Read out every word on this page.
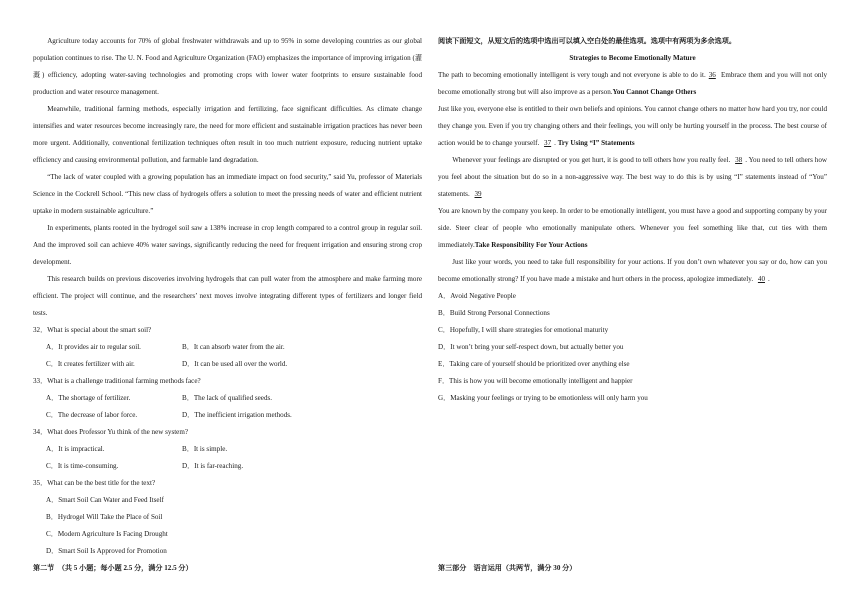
Agriculture today accounts for 70% of global freshwater withdrawals and up to 95% in some developing countries as our global population continues to rise. The U. N. Food and Agriculture Organization (FAO) emphasizes the importance of improving irrigation (灌溉) efficiency, adopting water-saving technologies and promoting crops with lower water footprints to ensure sustainable food production and water resource management.

Meanwhile, traditional farming methods, especially irrigation and fertilizing, face significant difficulties. As climate change intensifies and water resources become increasingly rare, the need for more efficient and sustainable irrigation practices has never been more urgent. Additionally, conventional fertilization techniques often result in too much nutrient exposure, reducing nutrient uptake efficiency and causing environmental pollution, and farmable land degradation.

“The lack of water coupled with a growing population has an immediate impact on food security,” said Yu, professor of Materials Science in the Cockrell School. “This new class of hydrogels offers a solution to meet the pressing needs of water and efficient nutrient uptake in modern sustainable agriculture.”

In experiments, plants rooted in the hydrogel soil saw a 138% increase in crop length compared to a control group in regular soil. And the improved soil can achieve 40% water savings, significantly reducing the need for frequent irrigation and ensuring strong crop development.

This research builds on previous discoveries involving hydrogels that can pull water from the atmosphere and make farming more efficient. The project will continue, and the researchers’ next moves involve integrating different types of fertilizers and longer field tests.

32．What is special about the smart soil?

A．It provides air to regular soil.	B．It can absorb water from the air.
C．It creates fertilizer with air.	D．It can be used all over the world.

33．What is a challenge traditional farming methods face?

A．The shortage of fertilizer.	B．The lack of qualified seeds.
C．The decrease of labor force.	D．The inefficient irrigation methods.

34．What does Professor Yu think of the new system?

A．It is impractical.	B．It is simple.
C．It is time-consuming.	D．It is far-reaching.

35．What can be the best title for the text?

A．Smart Soil Can Water and Feed Itself

B．Hydrogel Will Take the Place of Soil

C．Modern Agriculture Is Facing Drought

D．Smart Soil Is Approved for Promotion

阅读下面短文，从短文后的选项中选出可以填入空白处的最佳选项。选项中有两项为多余选项。

Strategies to Become Emotionally Mature

The path to becoming emotionally intelligent is very tough and not everyone is able to do it. 36 Embrace them and you will not only become emotionally strong but will also improve as a person.You Cannot Change Others

Just like you, everyone else is entitled to their own beliefs and opinions. You cannot change others no matter how hard you try, nor could they change you. Even if you try changing others and their feelings, you will only be hurting yourself in the process. The best course of action would be to change yourself. 37 . Try Using “I” Statements

Whenever your feelings are disrupted or you get hurt, it is good to tell others how you really feel. 38 . You need to tell others how you feel about the situation but do so in a non-aggressive way. The best way to do this is by using “I” statements instead of “You” statements. 39

You are known by the company you keep. In order to be emotionally intelligent, you must have a good and supporting company by your side. Steer clear of people who emotionally manipulate others. Whenever you feel something like that, cut ties with them immediately.Take Responsibility For Your Actions

Just like your words, you need to take full responsibility for your actions. If you don’t own whatever you say or do, how can you become emotionally strong? If you have made a mistake and hurt others in the process, apologize immediately. 40 .

A．Avoid Negative People

B．Build Strong Personal Connections

C．Hopefully, I will share strategies for emotional maturity

D．It won’t bring your self-respect down, but actually better you

E．Taking care of yourself should be prioritized over anything else

F．This is how you will become emotionally intelligent and happier

G．Masking your feelings or trying to be emotionless will only harm you

第二节　（共 5 小题；每小题 2.5 分，满分 12.5 分）	第三部分　语言运用（共两节，满分 30 分）
